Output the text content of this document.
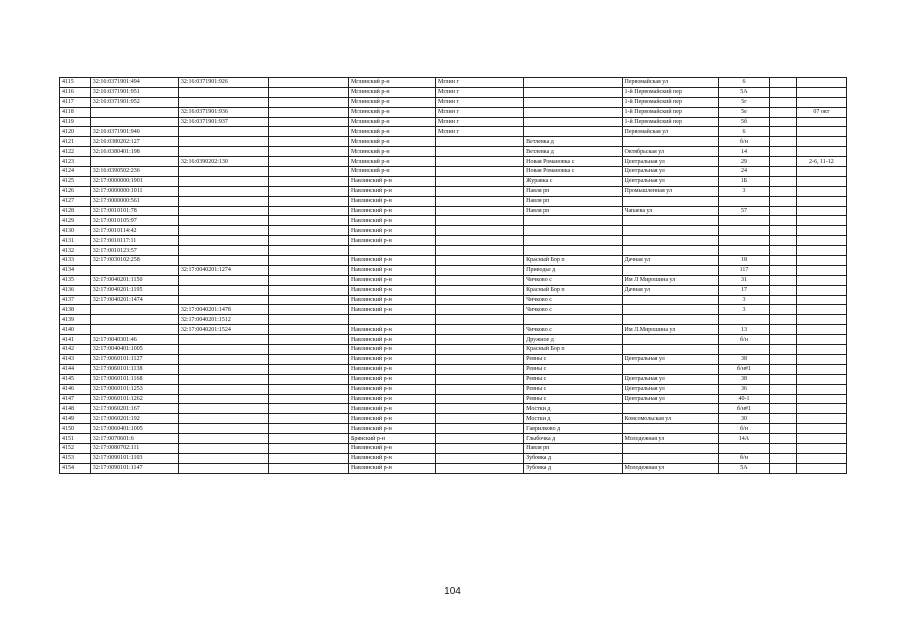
4115	32:16:0371901:494	32:16:0371901:926		Мглинский р-н	Мглин г		Первомайская ул	6		
4116	32:16:0371901:951			Мглинский р-н	Мглин г		1-й Первомайский пер	5А		
4117	32:16:0371901:952			Мглинский р-н	Мглин г		1-й Первомайский пер	5г		
4118		32:16:0371901:936		Мглинский р-н	Мглин г		1-й Первомайский пер	5е		07 окт
4119		32:16:0371901:937		Мглинский р-н	Мглин г		1-й Первомайский пер	5б		
4120	32:16:0371901:940			Мглинский р-н	Мглин г		Первомайская ул	6		
4121	32:16:0380202:127			Мглинский р-н		Ветлевка д		б/н		
4122	32:16:0380401:198			Мглинский р-н		Ветлевка д	Октябрьская ул	14		
4123		32:16:0390202:130		Мглинский р-н		Новая Романовка с	Центральная ул	29		2-6, 11-12
4124	32:16:0390502:236			Мглинский р-н		Новая Романовка с	Центральная ул	24		
4125	32:17:0000000:1901			Навлинский р-н		Журавка с	Центральная ул	1Б		
4126	32:17:0000000:1011			Навлинский р-н		Навля рп	Промышленная ул	3		
4127	32:17:0000000:561			Навлинский р-н		Навля рп				
4128	32:17:0010101:78			Навлинский р-н		Навля рп	Чапаева ул	57		
4129	32:17:0010105:97			Навлинский р-н						
4130	32:17:0010114:42			Навлинский р-н						
4131	32:17:0010117:11			Навлинский р-н						
4132	32:17:0010123:57									
4133	32:17:0030102:258			Навлинский р-н		Красный Бор п	Дачная ул	18		
4134		32:17:0040201:1274		Навлинский р-н		Приводье д		117		
4135	32:17:0040201:1150			Навлинский р-н		Чичково с	Им Л Мирошина ул	31		
4136	32:17:0040201:1195			Навлинский р-н		Красный Бор п	Дачная ул	17		
4137	32:17:0040201:1474			Навлинский р-н		Чичково с		3		
4138		32:17:0040201:1478		Навлинский р-н		Чичково с		3		
4139		32:17:0040201:1512								
4140		32:17:0040201:1524		Навлинский р-н		Чичково с	Им Л.Мирошина ул	13		
4141	32:17:0040301:46			Навлинский р-н		Дружное д		б/н		
4142	32:17:0040401:1005			Навлинский р-н		Красный Бор п				
4143	32:17:0060101:1127			Навлинский р-н		Ревны с	Центральная ул	38		
4144	32:17:0060101:1138			Навлинский р-н		Ревны с		б/н#1		
4145	32:17:0060101:1168			Навлинский р-н		Ревны с	Центральная ул	38		
4146	32:17:0060101:1253			Навлинский р-н		Ревны с	Центральная ул	36		
4147	32:17:0060101:1262			Навлинский р-н		Ревны с	Центральная ул	40-1		
4148	32:17:0060201:167			Навлинский р-н		Мостки д		б/н#1		
4149	32:17:0060201:192			Навлинский р-н		Мостки д	Комсомольская ул	30		
4150	32:17:0060401:1005			Навлинский р-н		Гаврилково д		б/н		
4151	32:17:0070601:6			Брянский р-н		Глыбочка д	Молодежная ул	14А		
4152	32:17:0080702:111			Навлинский р-н		Навля рп				
4153	32:17:0090101:1103			Навлинский р-н		Зубовка д		б/н		
4154	32:17:0090101:1147			Навлинский р-н		Зубовка д	Молодежная ул	5А		
104
